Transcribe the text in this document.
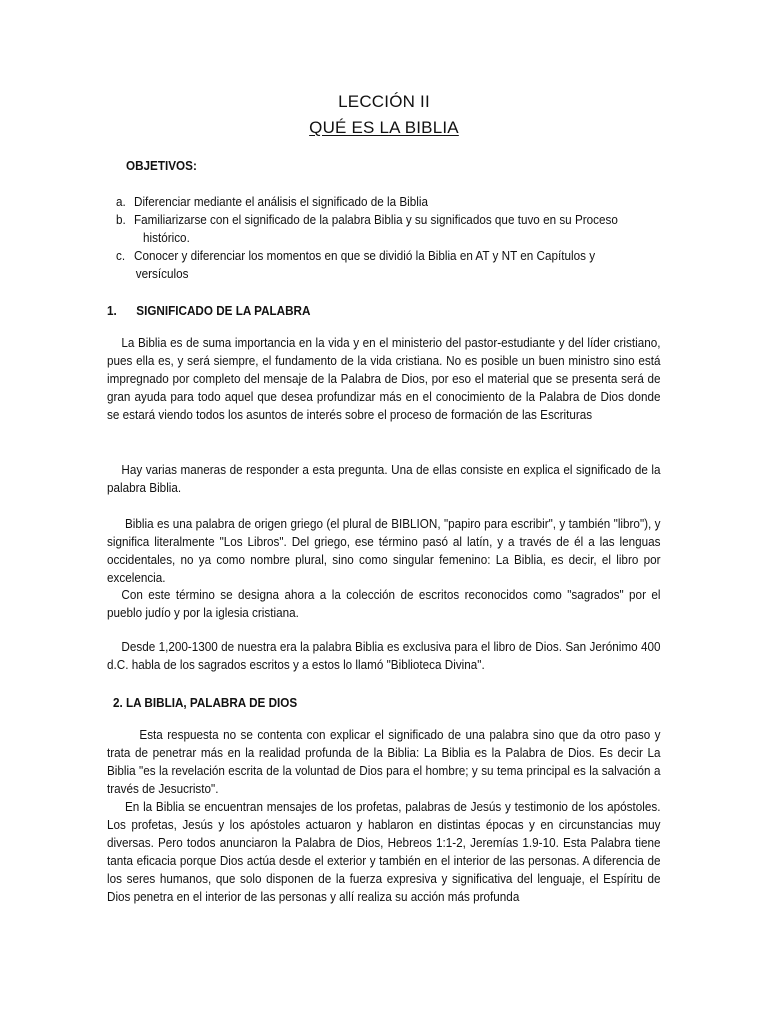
LECCIÓN II
QUÉ ES LA BIBLIA
OBJETIVOS:
a. Diferenciar mediante el análisis el significado de la Biblia
b. Familiarizarse con el significado de la palabra Biblia y su significados que tuvo en su Proceso
histórico.
c. Conocer y diferenciar los momentos en que se dividió la Biblia en AT y NT en Capítulos y
versículos
1.      SIGNIFICADO DE LA PALABRA
La Biblia es de suma importancia en la vida y en el ministerio del pastor-estudiante y del líder cristiano, pues ella es, y será siempre, el fundamento de la vida cristiana. No es posible un buen ministro sino está impregnado por completo del mensaje de la Palabra de Dios, por eso el material que se presenta será de gran ayuda para todo aquel que desea profundizar más en el conocimiento de la Palabra de Dios donde se estará viendo todos los asuntos de interés sobre el proceso de formación de las Escrituras
Hay varias maneras de responder a esta pregunta. Una de ellas consiste en explica el significado de la palabra Biblia.
Biblia es una palabra de origen griego (el plural de BIBLION, "papiro para escribir", y también "libro"), y significa literalmente "Los Libros". Del griego, ese término pasó al latín, y a través de él a las lenguas occidentales, no ya como nombre plural, sino como singular femenino: La Biblia, es decir, el libro por excelencia.
Con este término se designa ahora a la colección de escritos reconocidos como "sagrados" por el pueblo judío y por la iglesia cristiana.
Desde 1,200-1300 de nuestra era la palabra Biblia es exclusiva para el libro de Dios. San Jerónimo 400 d.C. habla de los sagrados escritos y a estos lo llamó "Biblioteca Divina".
2. LA BIBLIA, PALABRA DE DIOS
Esta respuesta no se contenta con explicar el significado de una palabra sino que da otro paso y trata de penetrar más en la realidad profunda de la Biblia: La Biblia es la Palabra de Dios. Es decir La Biblia "es la revelación escrita de la voluntad de Dios para el hombre; y su tema principal es la salvación a través de Jesucristo".
En la Biblia se encuentran mensajes de los profetas, palabras de Jesús y testimonio de los apóstoles. Los profetas, Jesús y los apóstoles actuaron y hablaron en distintas épocas y en circunstancias muy diversas. Pero todos anunciaron la Palabra de Dios, Hebreos 1:1-2, Jeremías 1.9-10. Esta Palabra tiene tanta eficacia porque Dios actúa desde el exterior y también en el interior de las personas. A diferencia de los seres humanos, que solo disponen de la fuerza expresiva y significativa del lenguaje, el Espíritu de Dios penetra en el interior de las personas y allí realiza su acción más profunda
